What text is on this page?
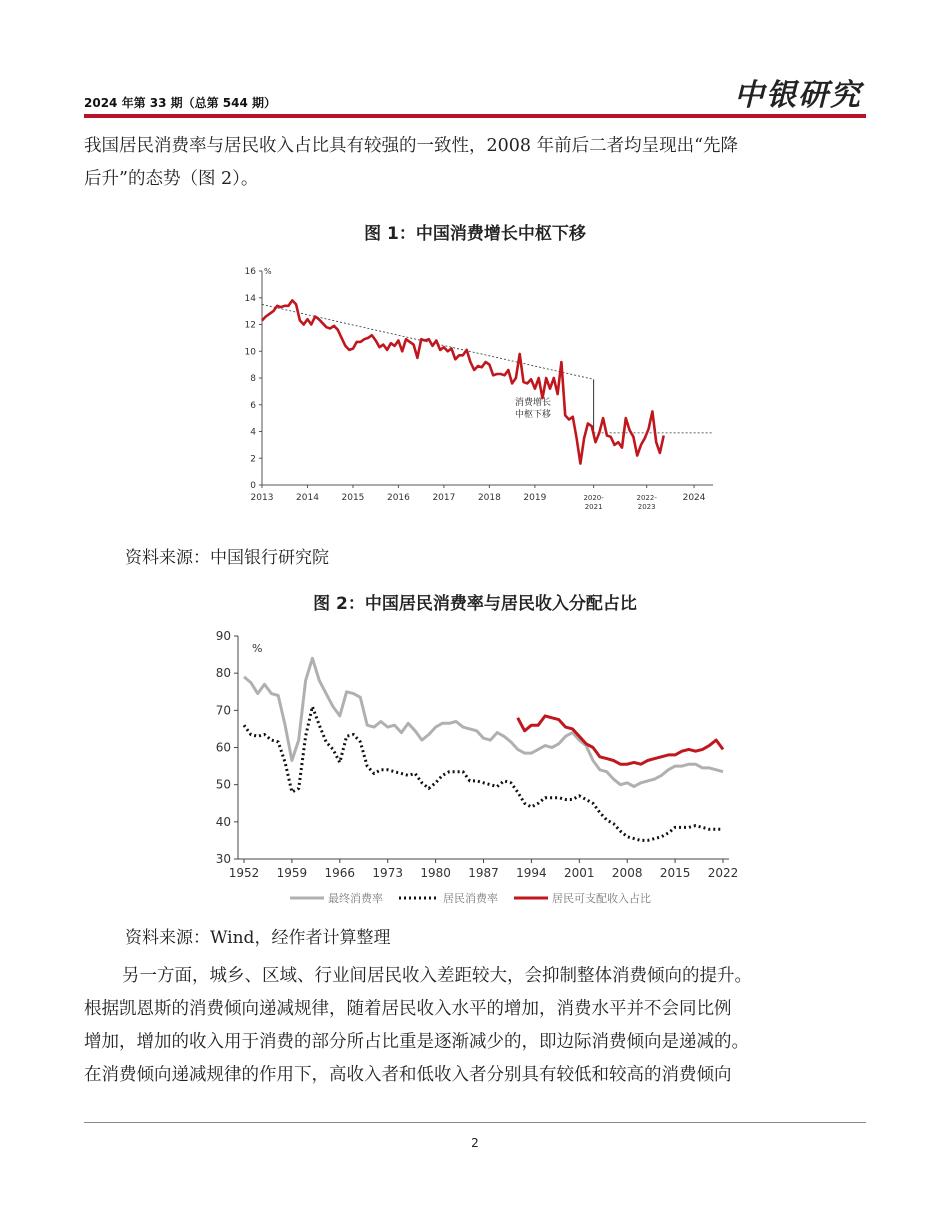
2024 年第 33 期（总第 544 期）	中银研究

我国居民消费率与居民收入占比具有较强的一致性，2008 年前后二者均呈现出“先降
后升”的态势（图 2）。

图 1：中国消费增长中枢下移
0
2
4
6
8
10
12
14
16 %
2013	2014	2015	2016	2017	2018	2019	2020-2021
2022-2023
2024
消费增长中枢下移
资料来源：中国银行研究院
图 2：中国居民消费率与居民收入分配占比
30
40
50
60
70
80
90
%
1952 1959 1966 1973 1980 1987 1994 2001 2008 2015 2022
最终消费率	居民消费率	居民可支配收入占比
资料来源：Wind，经作者计算整理

另一方面，城乡、区域、行业间居民收入差距较大，会抑制整体消费倾向的提升。
根据凯恩斯的消费倾向递减规律，随着居民收入水平的增加，消费水平并不会同比例
增加，增加的收入用于消费的部分所占比重是逐渐减少的，即边际消费倾向是递减的。
在消费倾向递减规律的作用下，高收入者和低收入者分别具有较低和较高的消费倾向

2
